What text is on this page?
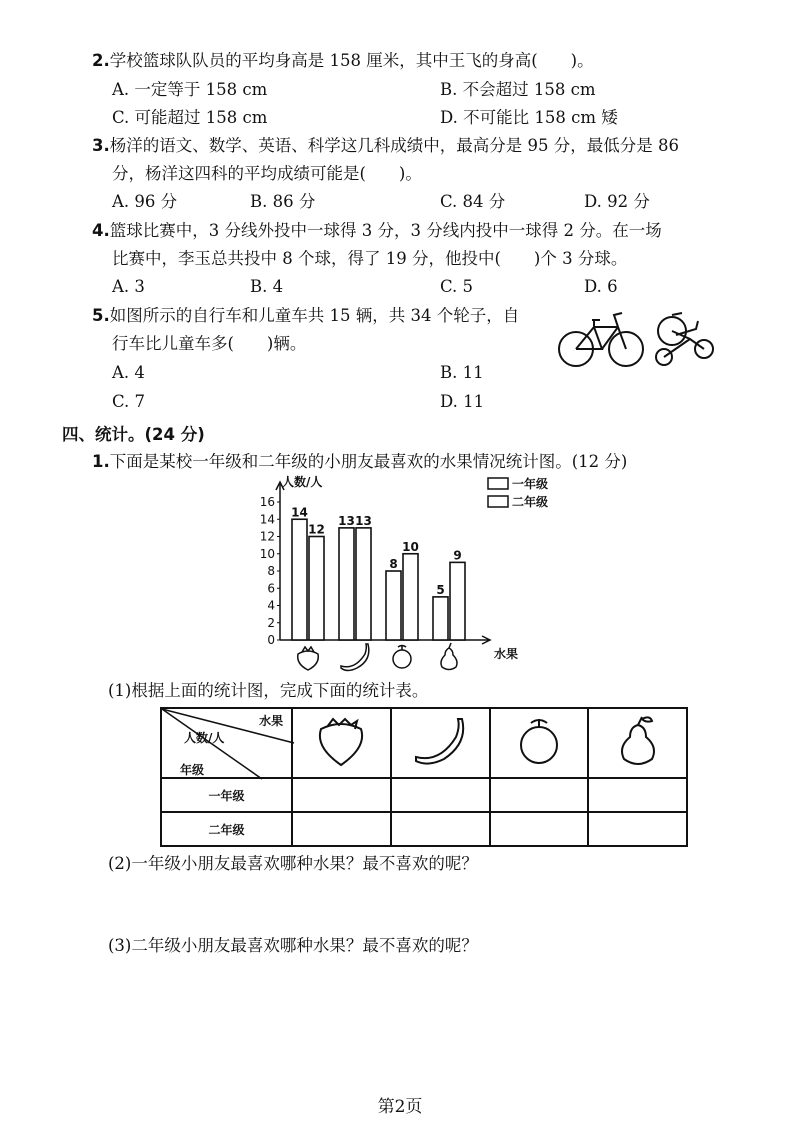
2.学校篮球队队员的平均身高是 158 厘米，其中王飞的身高(　　)。
A. 一定等于 158 cm	B. 不会超过 158 cm
C. 可能超过 158 cm	D. 不可能比 158 cm 矮
3.杨洋的语文、数学、英语、科学这几科成绩中，最高分是 95 分，最低分是 86
分，杨洋这四科的平均成绩可能是(　　)。
A. 96 分	B. 86 分	C. 84 分	D. 92 分
4.篮球比赛中，3 分线外投中一球得 3 分，3 分线内投中一球得 2 分。在一场
比赛中，李玉总共投中 8 个球，得了 19 分，他投中(　　)个 3 分球。
A. 3	B. 4	C. 5	D. 6
5.如图所示的自行车和儿童车共 15 辆，共 34 个轮子，自
行车比儿童车多(　　)辆。
A. 4	B. 11
C. 7	D. 11
四、统计。(24 分)
1.下面是某校一年级和二年级的小朋友最喜欢的水果情况统计图。(12 分)
0
2
4
6
8
10
12
14
16
人数/人
水果
14
12
13 13
8
10
5
9
一年级
二年级
(1)根据上面的统计图，完成下面的统计表。
水果
人数/人
年级

一年级				
二年级				
(2)一年级小朋友最喜欢哪种水果？最不喜欢的呢？
(3)二年级小朋友最喜欢哪种水果？最不喜欢的呢？
第2页
